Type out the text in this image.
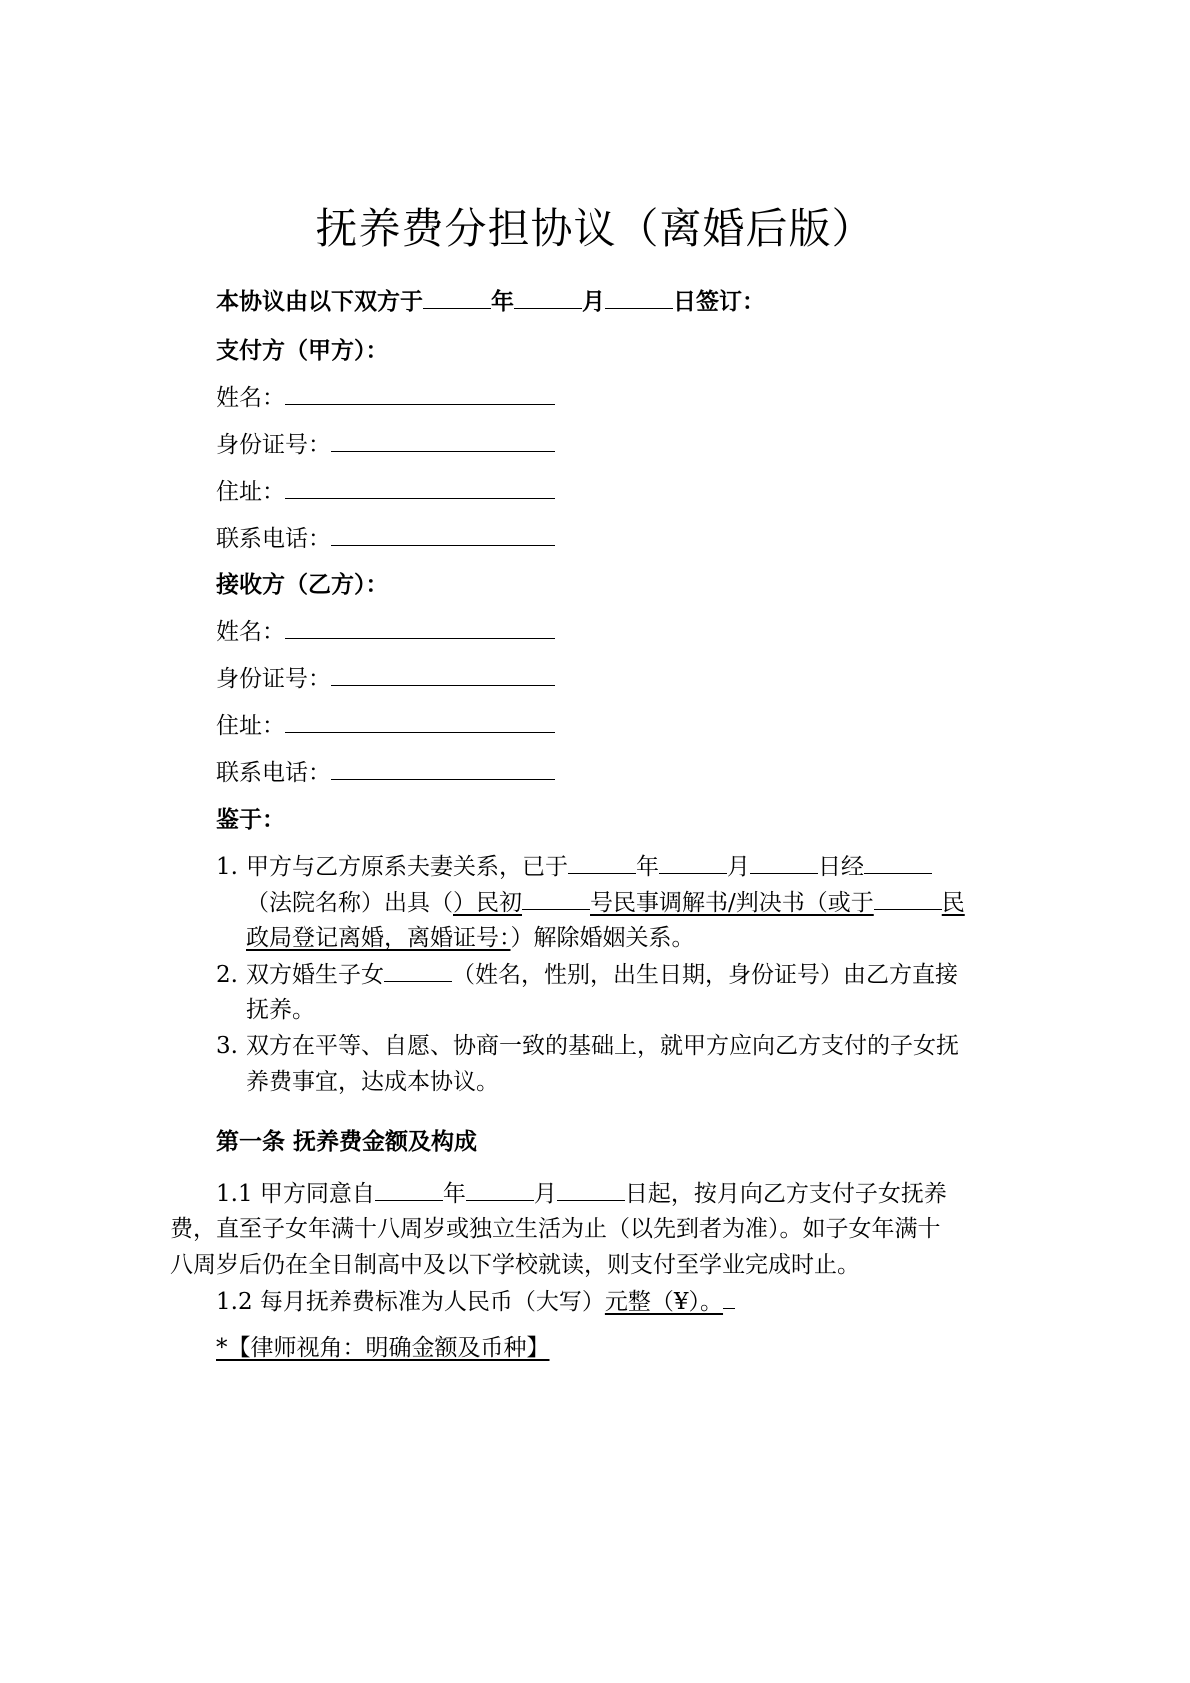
抚养费分担协议（离婚后版）
本协议由以下双方于	年	月	日签订：
支付方（甲方）：
姓名：
身份证号：
住址：
联系电话：
接收方（乙方）：
姓名：
身份证号：
住址：
联系电话：
鉴于：
1. 甲方与乙方原系夫妻关系，已于	年	月	日经
（法院名称）出具（）民初	号民事调解书/判决书（或于	民
政局登记离婚，离婚证号：）解除婚姻关系。
2. 双方婚生子女	（姓名，性别，出生日期，身份证号）由乙方直接
抚养。
3. 双方在平等、自愿、协商一致的基础上，就甲方应向乙方支付的子女抚
养费事宜，达成本协议。
第一条 抚养费金额及构成
1.1 甲方同意自	年	月	日起，按月向乙方支付子女抚养
费，直至子女年满十八周岁或独立生活为止（以先到者为准）。如子女年满十
八周岁后仍在全日制高中及以下学校就读，则支付至学业完成时止。
1.2 每月抚养费标准为人民币（大写）元整（¥）。
*【律师视角：明确金额及币种】
